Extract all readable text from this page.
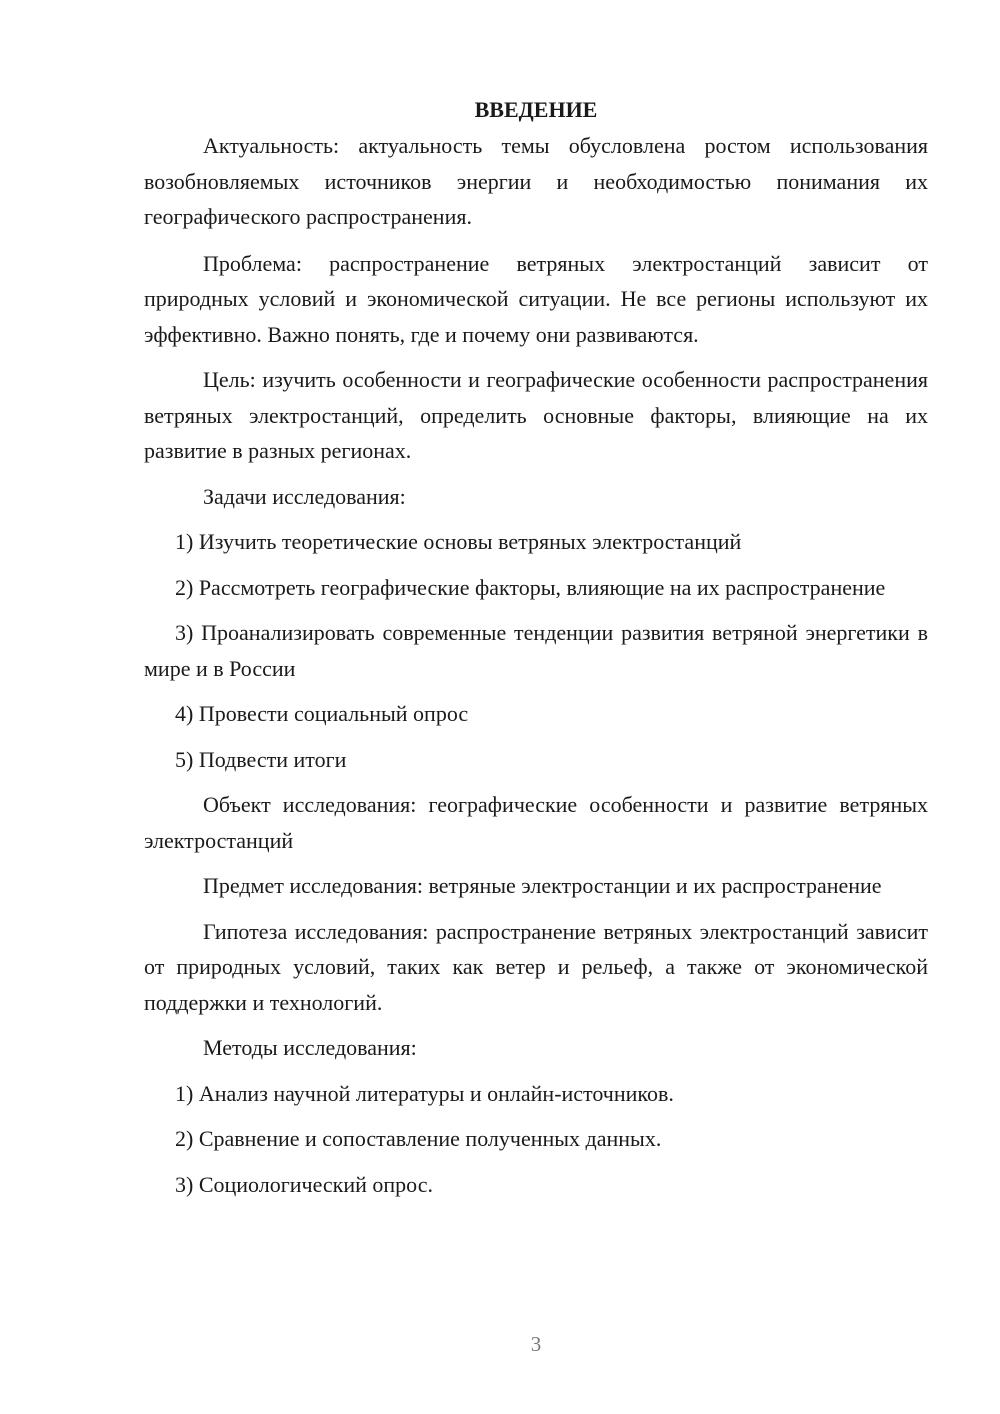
ВВЕДЕНИЕ

Актуальность: актуальность темы обусловлена ростом использования возобновляемых источников энергии и необходимостью понимания их географического распространения.

Проблема: распространение ветряных электростанций зависит от природных условий и экономической ситуации. Не все регионы используют их эффективно. Важно понять, где и почему они развиваются.

Цель: изучить особенности и географические особенности распространения ветряных электростанций, определить основные факторы, влияющие на их развитие в разных регионах.

Задачи исследования:

1) Изучить теоретические основы ветряных электростанций

2) Рассмотреть географические факторы, влияющие на их распространение

3) Проанализировать современные тенденции развития ветряной энергетики в мире и в России

4) Провести социальный опрос

5) Подвести итоги

Объект исследования: географические особенности и развитие ветряных электростанций

Предмет исследования: ветряные электростанции и их распространение

Гипотеза исследования: распространение ветряных электростанций зависит от природных условий, таких как ветер и рельеф, а также от экономической поддержки и технологий.

Методы исследования:

1) Анализ научной литературы и онлайн-источников.

2) Сравнение и сопоставление полученных данных.

3) Социологический опрос.

3
